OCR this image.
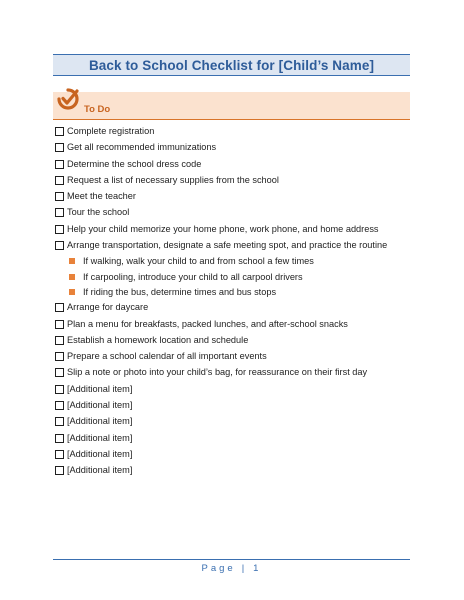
Back to School Checklist for [Child’s Name]
To Do
Complete registration
Get all recommended immunizations
Determine the school dress code
Request a list of necessary supplies from the school
Meet the teacher
Tour the school
Help your child memorize your home phone, work phone, and home address
Arrange transportation, designate a safe meeting spot, and practice the routine
If walking, walk your child to and from school a few times
If carpooling, introduce your child to all carpool drivers
If riding the bus, determine times and bus stops
Arrange for daycare
Plan a menu for breakfasts, packed lunches, and after-school snacks
Establish a homework location and schedule
Prepare a school calendar of all important events
Slip a note or photo into your child’s bag, for reassurance on their first day
[Additional item]
[Additional item]
[Additional item]
[Additional item]
[Additional item]
[Additional item]
Page | 1
